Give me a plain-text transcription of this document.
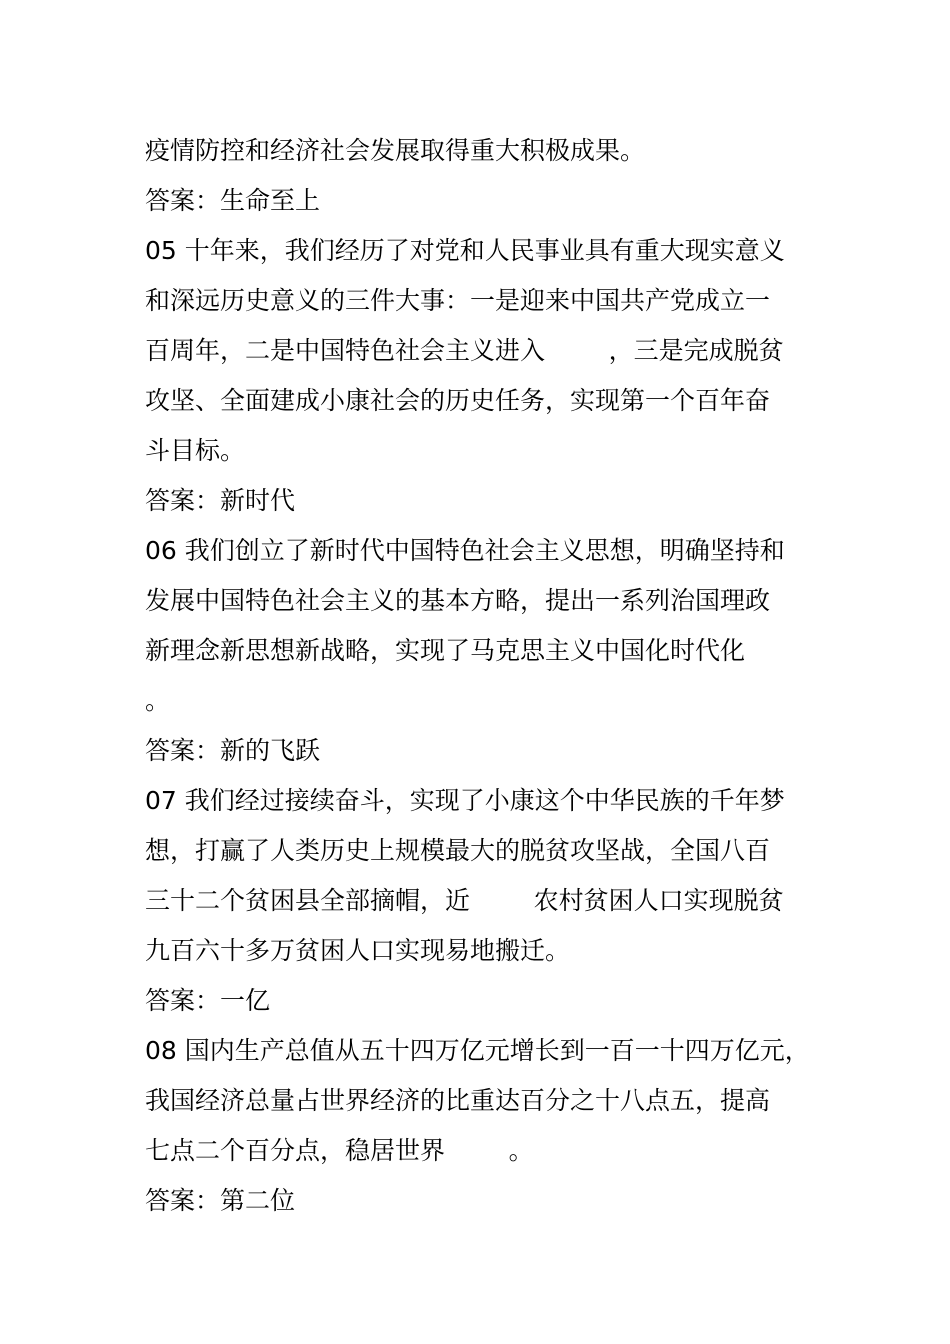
疫情防控和经济社会发展取得重大积极成果。
答案：生命至上
05 十年来，我们经历了对党和人民事业具有重大现实意义
和深远历史意义的三件大事：一是迎来中国共产党成立一
百周年，二是中国特色社会主义进入        ，三是完成脱贫
攻坚、全面建成小康社会的历史任务，实现第一个百年奋
斗目标。
答案：新时代
06 我们创立了新时代中国特色社会主义思想，明确坚持和
发展中国特色社会主义的基本方略，提出一系列治国理政
新理念新思想新战略，实现了马克思主义中国化时代化
。
答案：新的飞跃
07 我们经过接续奋斗，实现了小康这个中华民族的千年梦
想，打赢了人类历史上规模最大的脱贫攻坚战，全国八百
三十二个贫困县全部摘帽，近        农村贫困人口实现脱贫
九百六十多万贫困人口实现易地搬迁。
答案：一亿
08 国内生产总值从五十四万亿元增长到一百一十四万亿元，
我国经济总量占世界经济的比重达百分之十八点五，提高
七点二个百分点，稳居世界        。
答案：第二位
